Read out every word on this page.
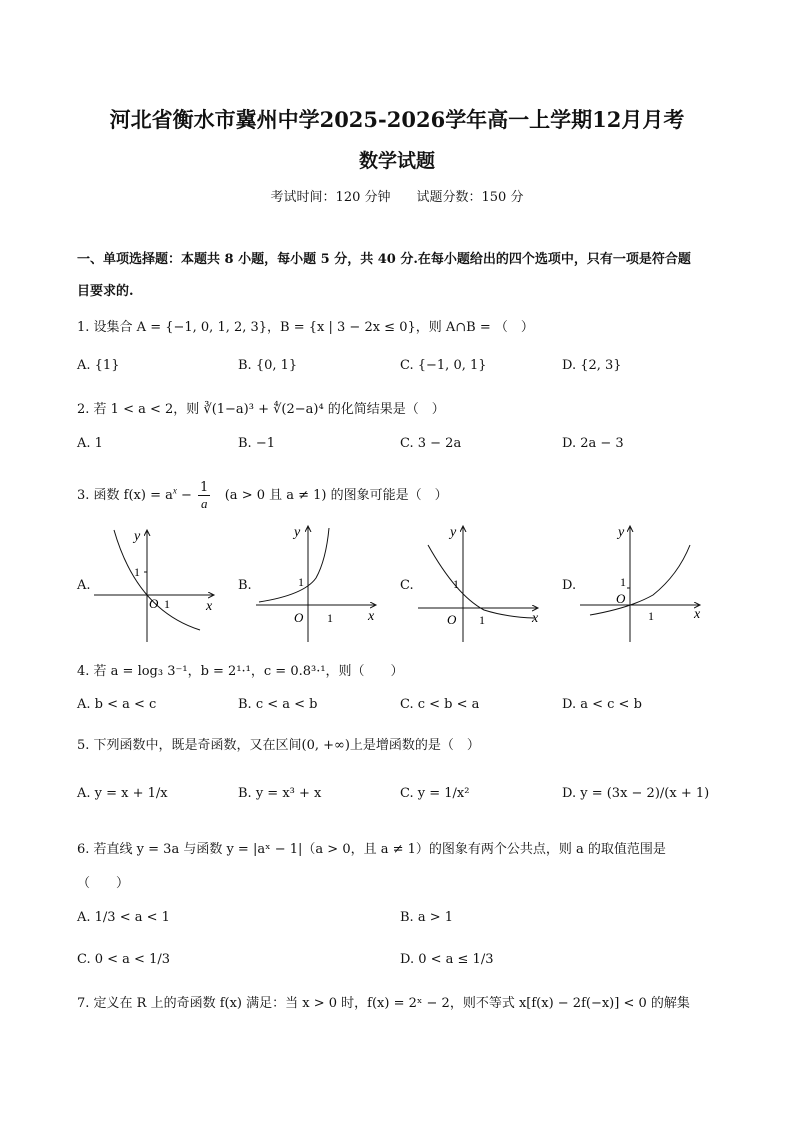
河北省衡水市冀州中学2025-2026学年高一上学期12月月考
数学试题
考试时间：120 分钟　　试题分数：150 分
一、单项选择题：本题共 8 小题，每小题 5 分，共 40 分.在每小题给出的四个选项中，只有一项是符合题
目要求的.
1. 设集合 A = {−1, 0, 1, 2, 3}，B = {x | 3 − 2x ≤ 0}，则 A∩B = （　）
A. {1}	B. {0, 1}	C. {−1, 0, 1}	D. {2, 3}
2. 若 1 < a < 2，则 ∛(1−a)³ + ∜(2−a)⁴ 的化简结果是（　）
A. 1	B. −1	C. 3 − 2a	D. 2a − 3
3. 函数 $f(x) = a^x - \frac{1}{a} (a > 0$ 且 a ≠ 1) 的图象可能是（　）
A.	B.	C.	D.
1
O 1	x
y
1
O 1	x
y
1
O 1	x
y
1
O
1	x
y
4. 若 a = log₃ 3⁻¹，b = 2¹·¹，c = 0.8³·¹，则（　　）
A. b < a < c	B. c < a < b	C. c < b < a	D. a < c < b
5. 下列函数中，既是奇函数，又在区间(0, +∞)上是增函数的是（　）
A. y = x + 1/x	B. y = x³ + x	C. y = 1/x²	D. y = (3x − 2)/(x + 1)
6. 若直线 y = 3a 与函数 y = |aˣ − 1|（a > 0，且 a ≠ 1）的图象有两个公共点，则 a 的取值范围是
（　　）
A. 1/3 < a < 1	B. a > 1
C. 0 < a < 1/3	D. 0 < a ≤ 1/3
7. 定义在 R 上的奇函数 f(x) 满足：当 x > 0 时，f(x) = 2ˣ − 2，则不等式 x[f(x) − 2f(−x)] < 0 的解集
